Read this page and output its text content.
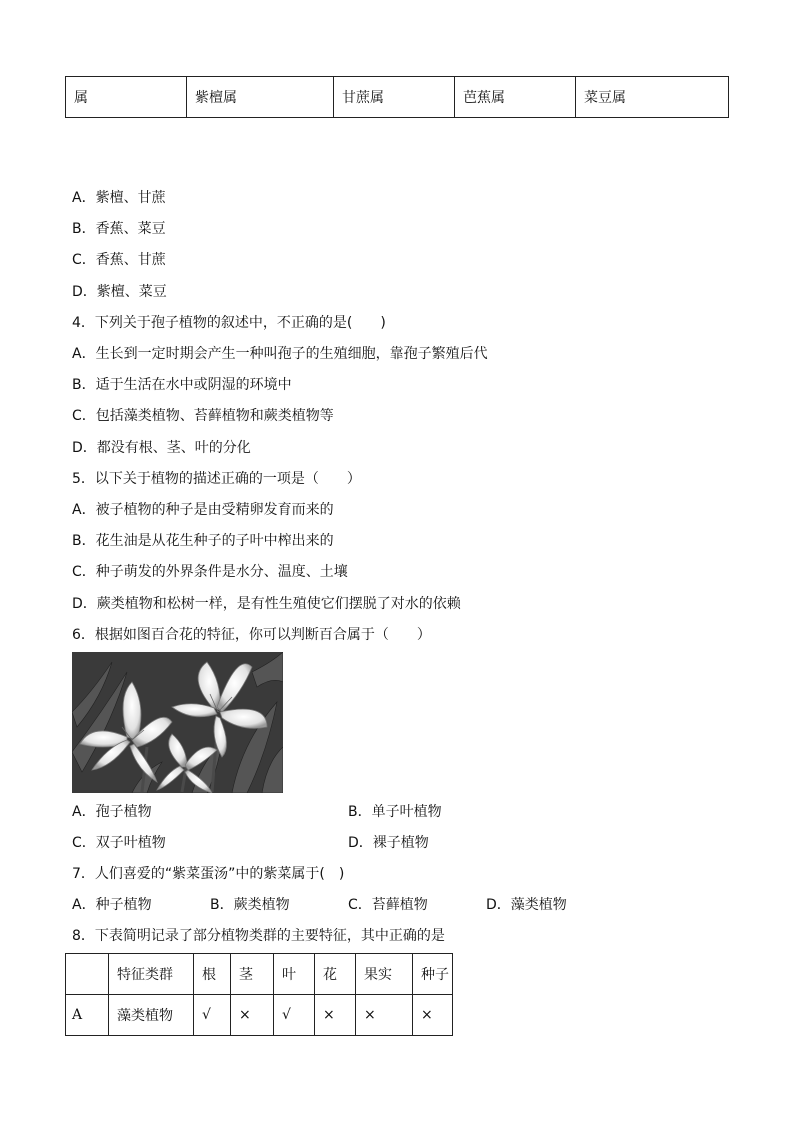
属	紫檀属	甘蔗属	芭蕉属	菜豆属
A．紫檀、甘蔗
B．香蕉、菜豆
C．香蕉、甘蔗
D．紫檀、菜豆
4．下列关于孢子植物的叙述中，不正确的是(　　)
A．生长到一定时期会产生一种叫孢子的生殖细胞，靠孢子繁殖后代
B．适于生活在水中或阴湿的环境中
C．包括藻类植物、苔藓植物和蕨类植物等
D．都没有根、茎、叶的分化
5．以下关于植物的描述正确的一项是（　　）
A．被子植物的种子是由受精卵发育而来的
B．花生油是从花生种子的子叶中榨出来的
C．种子萌发的外界条件是水分、温度、土壤
D．蕨类植物和松树一样，是有性生殖使它们摆脱了对水的依赖
6．根据如图百合花的特征，你可以判断百合属于（　　）
A．孢子植物	B．单子叶植物
C．双子叶植物	D．裸子植物
7．人们喜爱的“紫菜蛋汤”中的紫菜属于(　)
A．种子植物	B．蕨类植物	C．苔藓植物	D．藻类植物
8．下表简明记录了部分植物类群的主要特征，其中正确的是
	特征类群	根	茎	叶	花	果实	种子
A	藻类植物	√	×	√	×	×	×
